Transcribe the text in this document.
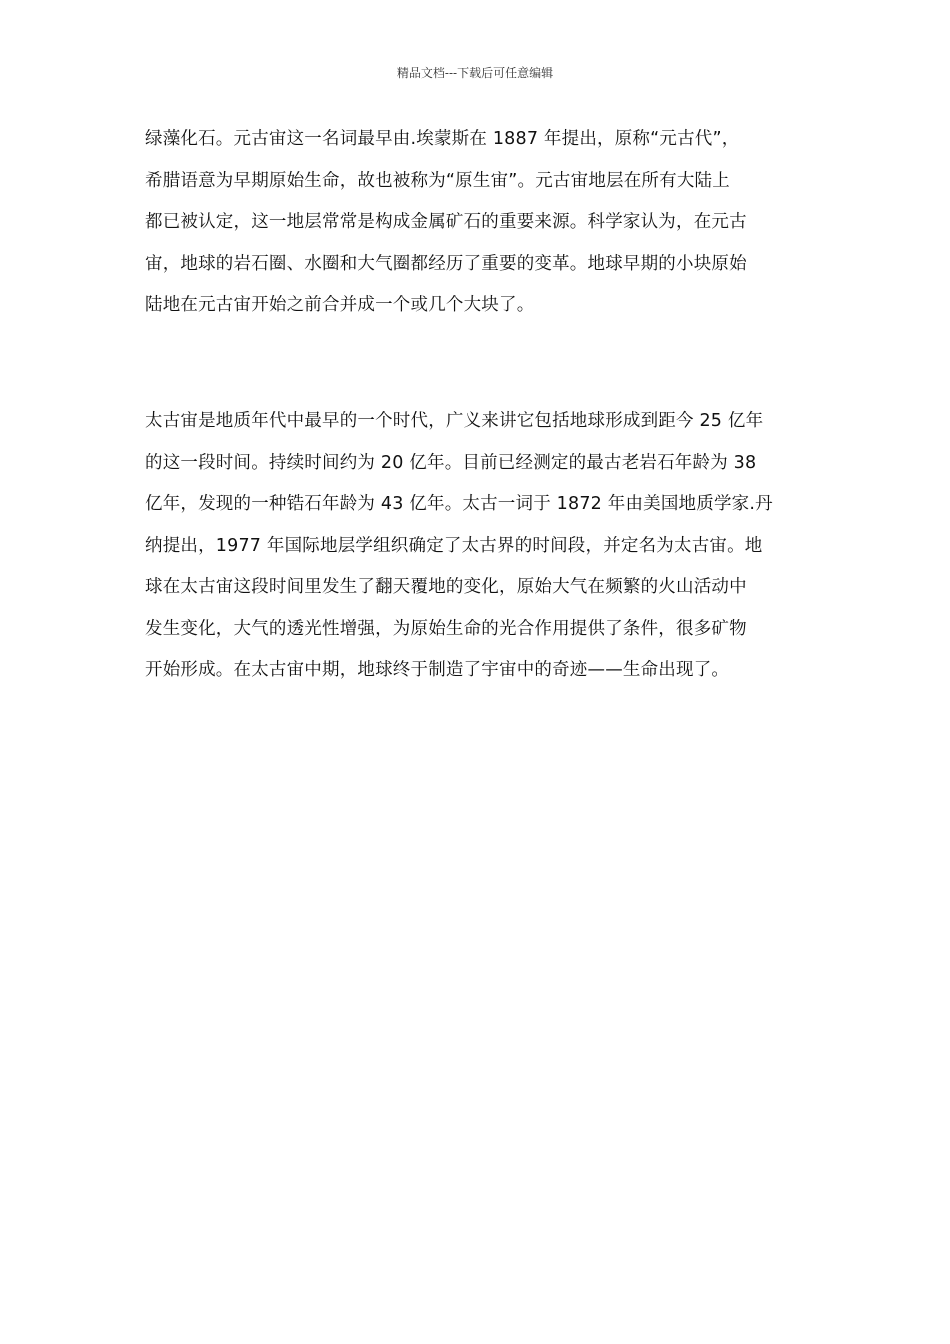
精品文档---下载后可任意编辑

绿藻化石。元古宙这一名词最早由.埃蒙斯在 1887 年提出，原称“元古代”，
希腊语意为早期原始生命，故也被称为“原生宙”。元古宙地层在所有大陆上
都已被认定，这一地层常常是构成金属矿石的重要来源。科学家认为，在元古
宙，地球的岩石圈、水圈和大气圈都经历了重要的变革。地球早期的小块原始
陆地在元古宙开始之前合并成一个或几个大块了。

太古宙是地质年代中最早的一个时代，广义来讲它包括地球形成到距今 25 亿年
的这一段时间。持续时间约为 20 亿年。目前已经测定的最古老岩石年龄为 38
亿年，发现的一种锆石年龄为 43 亿年。太古一词于 1872 年由美国地质学家.丹
纳提出，1977 年国际地层学组织确定了太古界的时间段，并定名为太古宙。地
球在太古宙这段时间里发生了翻天覆地的变化，原始大气在频繁的火山活动中
发生变化，大气的透光性增强，为原始生命的光合作用提供了条件，很多矿物
开始形成。在太古宙中期，地球终于制造了宇宙中的奇迹——生命出现了。
